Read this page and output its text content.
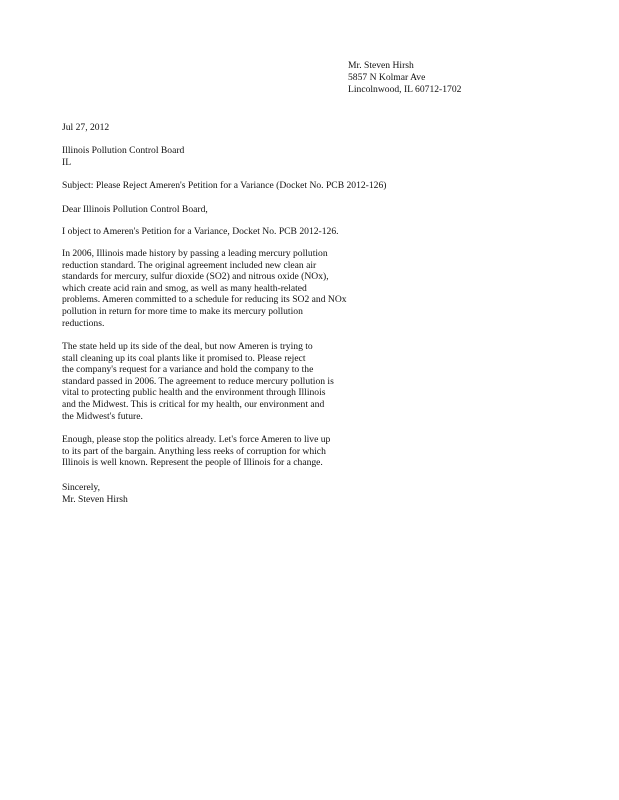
Mr. Steven Hirsh
5857 N Kolmar Ave
Lincolnwood, IL 60712-1702
Jul 27, 2012
Illinois Pollution Control Board
IL
Subject: Please Reject Ameren's Petition for a Variance (Docket No. PCB 2012-126)
Dear Illinois Pollution Control Board,
I object to Ameren's Petition for a Variance, Docket No. PCB 2012-126.
In 2006, Illinois made history by passing a leading mercury pollution
reduction standard. The original agreement included new clean air
standards for mercury, sulfur dioxide (SO2) and nitrous oxide (NOx),
which create acid rain and smog, as well as many health-related
problems. Ameren committed to a schedule for reducing its SO2 and NOx
pollution in return for more time to make its mercury pollution
reductions.
The state held up its side of the deal, but now Ameren is trying to
stall cleaning up its coal plants like it promised to. Please reject
the company's request for a variance and hold the company to the
standard passed in 2006. The agreement to reduce mercury pollution is
vital to protecting public health and the environment through Illinois
and the Midwest. This is critical for my health, our environment and
the Midwest's future.
Enough, please stop the politics already. Let's force Ameren to live up
to its part of the bargain. Anything less reeks of corruption for which
Illinois is well known. Represent the people of Illinois for a change.
Sincerely,
Mr. Steven Hirsh
